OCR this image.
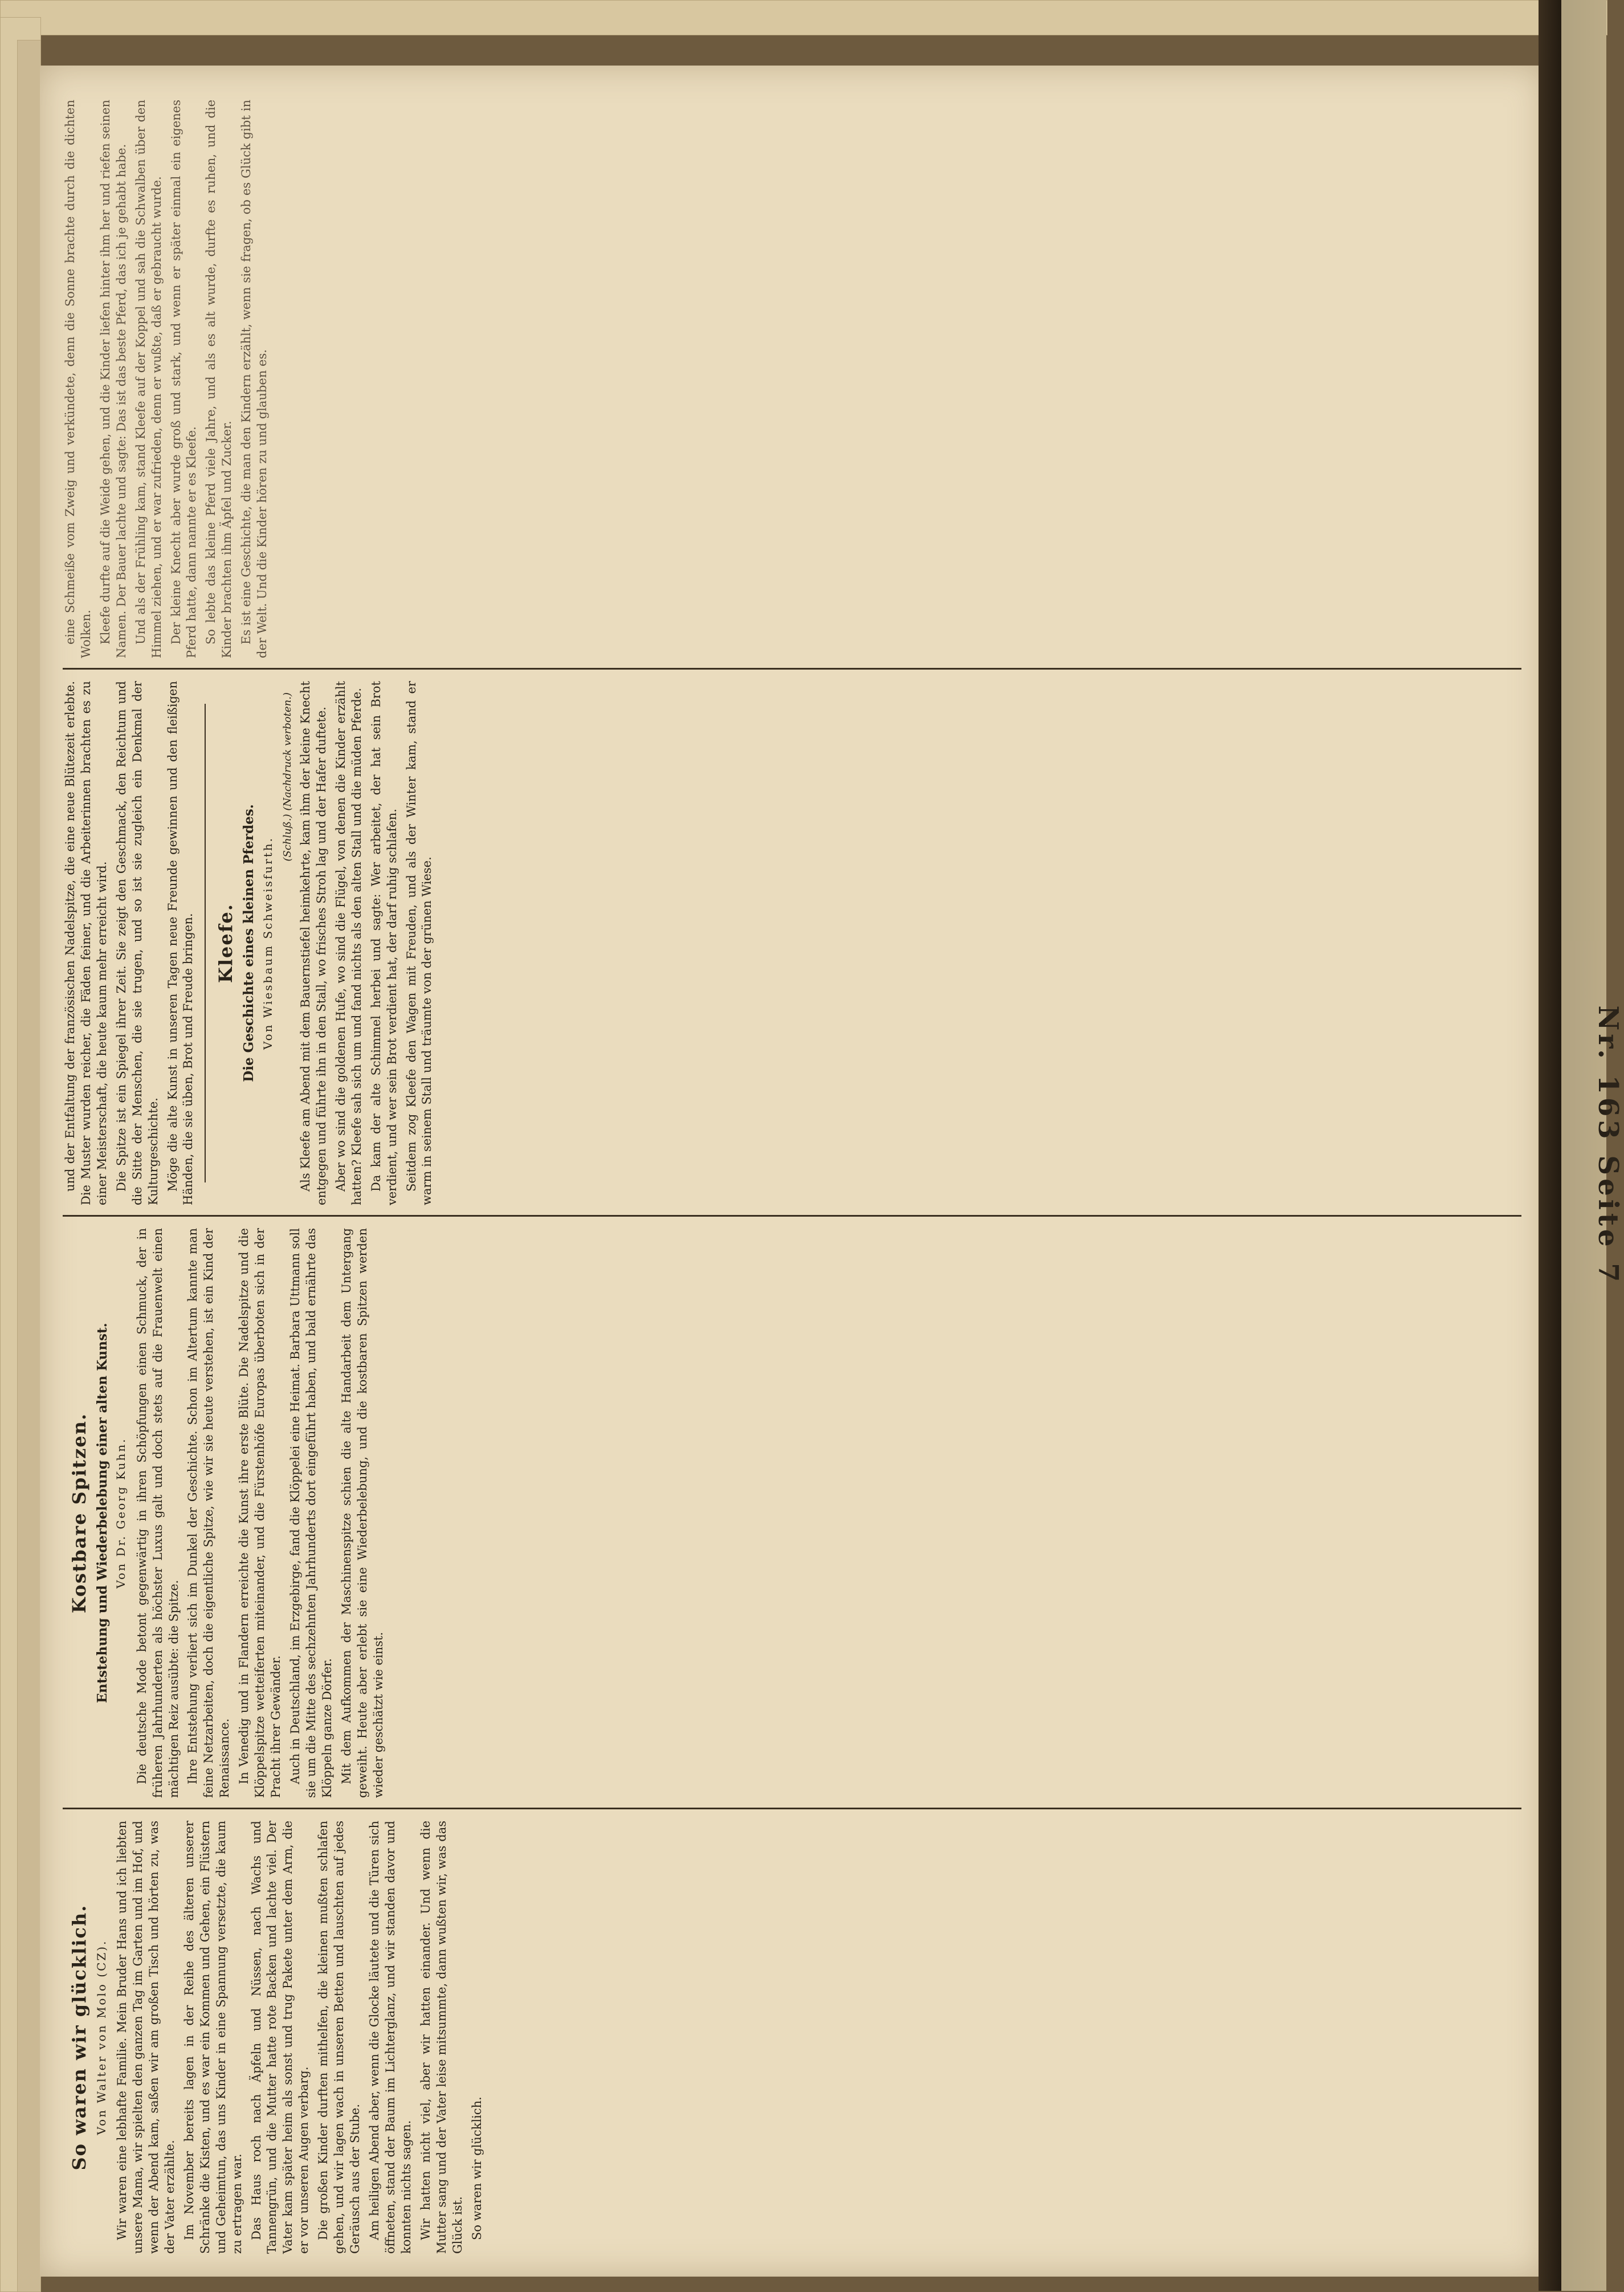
So waren wir glücklich. Von Walter von Molo (CZ). Wir waren eine lebhafte Familie. Mein Bruder Hans und ich liebten unsere Mama, wir spielten den ganzen Tag im Garten und im Hof, und wenn der Abend kam, saßen wir am großen Tisch und hörten zu, was der Vater erzählte. Im November bereits lagen in der Reihe des älteren unserer Schränke die Kisten, und es war ein Kommen und Gehen, ein Flüstern und Geheimtun, das uns Kinder in eine Spannung versetzte, die kaum zu ertragen war. Das Haus roch nach Äpfeln und Nüssen, nach Wachs und Tannengrün, und die Mutter hatte rote Backen und lachte viel. Der Vater kam später heim als sonst und trug Pakete unter dem Arm, die er vor unseren Augen verbarg. Die großen Kinder durften mithelfen, die kleinen mußten schlafen gehen, und wir lagen wach in unseren Betten und lauschten auf jedes Geräusch aus der Stube. Am heiligen Abend aber, wenn die Glocke läutete und die Türen sich öffneten, stand der Baum im Lichterglanz, und wir standen davor und konnten nichts sagen. Wir hatten nicht viel, aber wir hatten einander. Und wenn die Mutter sang und der Vater leise mitsummte, dann wußten wir, was das Glück ist. So waren wir glücklich.

Kostbare Spitzen. Entstehung und Wiederbelebung einer alten Kunst. Von Dr. Georg Kuhn. Die deutsche Mode betont gegenwärtig in ihren Schöpfungen einen Schmuck, der in früheren Jahrhunderten als höchster Luxus galt und doch stets auf die Frauenwelt einen mächtigen Reiz ausübte: die Spitze. Ihre Entstehung verliert sich im Dunkel der Geschichte. Schon im Altertum kannte man feine Netzarbeiten, doch die eigentliche Spitze, wie wir sie heute verstehen, ist ein Kind der Renaissance. In Venedig und in Flandern erreichte die Kunst ihre erste Blüte. Die Nadelspitze und die Klöppelspitze wetteiferten miteinander, und die Fürstenhöfe Europas überboten sich in der Pracht ihrer Gewänder. Auch in Deutschland, im Erzgebirge, fand die Klöppelei eine Heimat. Barbara Uttmann soll sie um die Mitte des sechzehnten Jahrhunderts dort eingeführt haben, und bald ernährte das Klöppeln ganze Dörfer. Mit dem Aufkommen der Maschinenspitze schien die alte Handarbeit dem Untergang geweiht. Heute aber erlebt sie eine Wiederbelebung, und die kostbaren Spitzen werden wieder geschätzt wie einst.

und der Entfaltung der französischen Nadelspitze, die eine neue Blütezeit erlebte. Die Muster wurden reicher, die Fäden feiner, und die Arbeiterinnen brachten es zu einer Meisterschaft, die heute kaum mehr erreicht wird. Die Spitze ist ein Spiegel ihrer Zeit. Sie zeigt den Geschmack, den Reichtum und die Sitte der Menschen, die sie trugen, und so ist sie zugleich ein Denkmal der Kulturgeschichte. Möge die alte Kunst in unseren Tagen neue Freunde gewinnen und den fleißigen Händen, die sie üben, Brot und Freude bringen. Kleefe. Die Geschichte eines kleinen Pferdes. Von Wiesbaum Schweisfurth.
(Schluß.) (Nachdruck verboten.) Als Kleefe am Abend mit dem Bauernstiefel heimkehrte, kam ihm der kleine Knecht entgegen und führte ihn in den Stall, wo frisches Stroh lag und der Hafer duftete. Aber wo sind die goldenen Hufe, wo sind die Flügel, von denen die Kinder erzählt hatten? Kleefe sah sich um und fand nichts als den alten Stall und die müden Pferde. Da kam der alte Schimmel herbei und sagte: Wer arbeitet, der hat sein Brot verdient, und wer sein Brot verdient hat, der darf ruhig schlafen. Seitdem zog Kleefe den Wagen mit Freuden, und als der Winter kam, stand er warm in seinem Stall und träumte von der grünen Wiese.

eine Schmeiße vom Zweig und verkündete, denn die Sonne brachte durch die dichten Wolken. Kleefe durfte auf die Weide gehen, und die Kinder liefen hinter ihm her und riefen seinen Namen. Der Bauer lachte und sagte: Das ist das beste Pferd, das ich je gehabt habe. Und als der Frühling kam, stand Kleefe auf der Koppel und sah die Schwalben über den Himmel ziehen, und er war zufrieden, denn er wußte, daß er gebraucht wurde. Der kleine Knecht aber wurde groß und stark, und wenn er später einmal ein eigenes Pferd hatte, dann nannte er es Kleefe. So lebte das kleine Pferd viele Jahre, und als es alt wurde, durfte es ruhen, und die Kinder brachten ihm Äpfel und Zucker. Es ist eine Geschichte, die man den Kindern erzählt, wenn sie fragen, ob es Glück gibt in der Welt. Und die Kinder hören zu und glauben es.

Nr. 163 Seite 7
